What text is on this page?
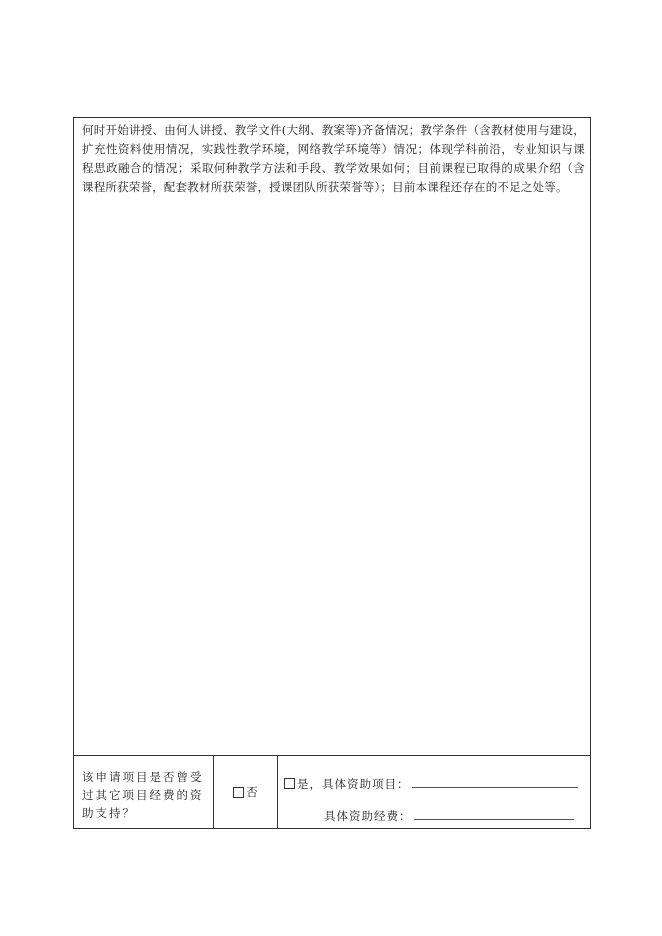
何时开始讲授、由何人讲授、教学文件(大纲、教案等)齐备情况；教学条件（含教材使用与建设，扩充性资料使用情况，实践性教学环境，网络教学环境等）情况；体现学科前沿，专业知识与课程思政融合的情况；采取何种教学方法和手段、教学效果如何；目前课程已取得的成果介绍（含课程所获荣誉，配套教材所获荣誉，授课团队所获荣誉等）；目前本课程还存在的不足之处等。

该申请项目是否曾受过其它项目经费的资助支持？
否
是，具体资助项目：
具体资助经费：
